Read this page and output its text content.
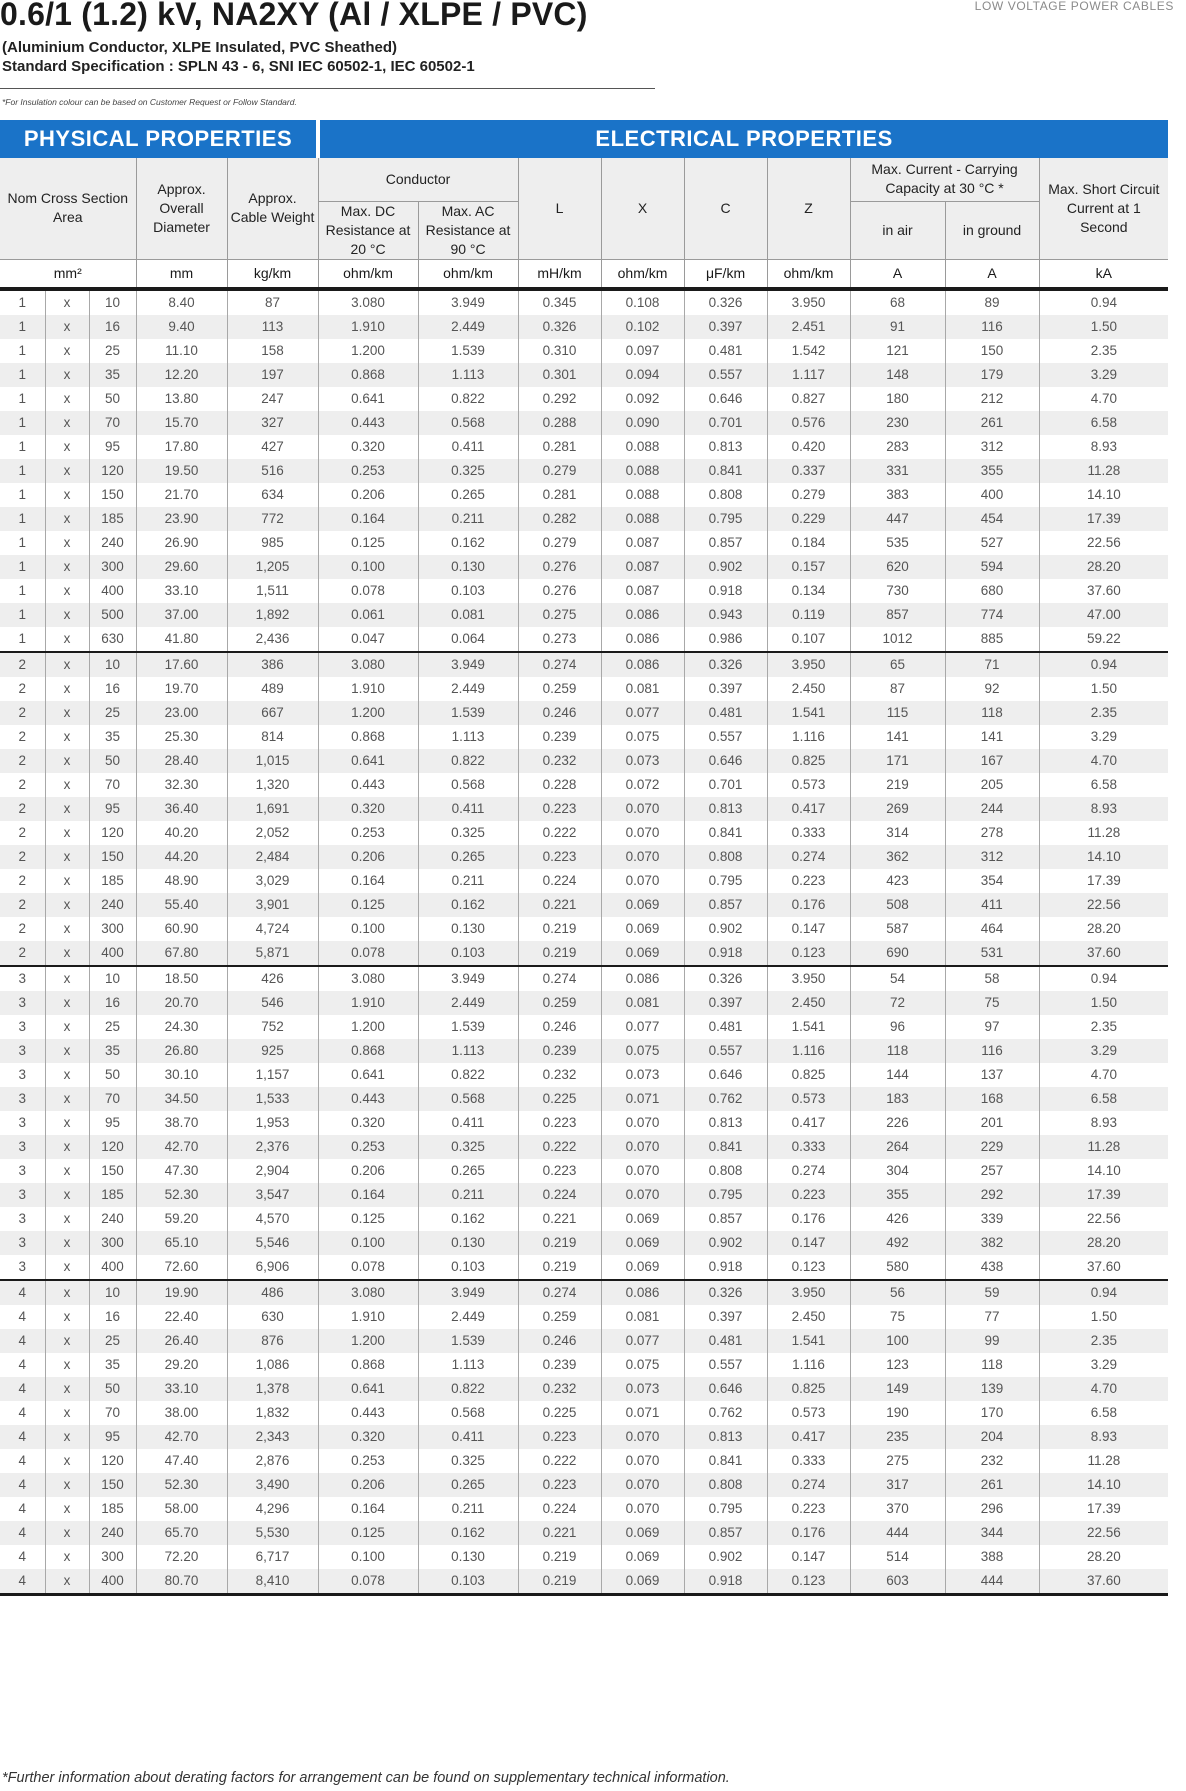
0.6/1 (1.2) kV, NA2XY (Al / XLPE / PVC)	LOW VOLTAGE POWER CABLES
(Aluminium Conductor, XLPE Insulated, PVC Sheathed)
Standard Specification : SPLN 43 - 6, SNI IEC 60502-1, IEC 60502-1
*For Insulation colour can be based on Customer Request or Follow Standard.
PHYSICAL PROPERTIES					ELECTRICAL PROPERTIES								
Nom Cross Section Area			Approx. Overall Diameter	Approx. Cable Weight	Conductor		L	X	C	Z	Max. Current - Carrying Capacity at 30 °C *		Max. Short Circuit Current at 1 Second
					Max. DC Resistance at 20 °C	Max. AC Resistance at 90 °C					in air	in ground	
mm²			mm	kg/km	ohm/km	ohm/km	mH/km	ohm/km	μF/km	ohm/km	A	A	kA
1	x	10	8.40	87	3.080	3.949	0.345	0.108	0.326	3.950	68	89	0.94
1	x	16	9.40	113	1.910	2.449	0.326	0.102	0.397	2.451	91	116	1.50
1	x	25	11.10	158	1.200	1.539	0.310	0.097	0.481	1.542	121	150	2.35
1	x	35	12.20	197	0.868	1.113	0.301	0.094	0.557	1.117	148	179	3.29
1	x	50	13.80	247	0.641	0.822	0.292	0.092	0.646	0.827	180	212	4.70
1	x	70	15.70	327	0.443	0.568	0.288	0.090	0.701	0.576	230	261	6.58
1	x	95	17.80	427	0.320	0.411	0.281	0.088	0.813	0.420	283	312	8.93
1	x	120	19.50	516	0.253	0.325	0.279	0.088	0.841	0.337	331	355	11.28
1	x	150	21.70	634	0.206	0.265	0.281	0.088	0.808	0.279	383	400	14.10
1	x	185	23.90	772	0.164	0.211	0.282	0.088	0.795	0.229	447	454	17.39
1	x	240	26.90	985	0.125	0.162	0.279	0.087	0.857	0.184	535	527	22.56
1	x	300	29.60	1,205	0.100	0.130	0.276	0.087	0.902	0.157	620	594	28.20
1	x	400	33.10	1,511	0.078	0.103	0.276	0.087	0.918	0.134	730	680	37.60
1	x	500	37.00	1,892	0.061	0.081	0.275	0.086	0.943	0.119	857	774	47.00
1	x	630	41.80	2,436	0.047	0.064	0.273	0.086	0.986	0.107	1012	885	59.22
2	x	10	17.60	386	3.080	3.949	0.274	0.086	0.326	3.950	65	71	0.94
2	x	16	19.70	489	1.910	2.449	0.259	0.081	0.397	2.450	87	92	1.50
2	x	25	23.00	667	1.200	1.539	0.246	0.077	0.481	1.541	115	118	2.35
2	x	35	25.30	814	0.868	1.113	0.239	0.075	0.557	1.116	141	141	3.29
2	x	50	28.40	1,015	0.641	0.822	0.232	0.073	0.646	0.825	171	167	4.70
2	x	70	32.30	1,320	0.443	0.568	0.228	0.072	0.701	0.573	219	205	6.58
2	x	95	36.40	1,691	0.320	0.411	0.223	0.070	0.813	0.417	269	244	8.93
2	x	120	40.20	2,052	0.253	0.325	0.222	0.070	0.841	0.333	314	278	11.28
2	x	150	44.20	2,484	0.206	0.265	0.223	0.070	0.808	0.274	362	312	14.10
2	x	185	48.90	3,029	0.164	0.211	0.224	0.070	0.795	0.223	423	354	17.39
2	x	240	55.40	3,901	0.125	0.162	0.221	0.069	0.857	0.176	508	411	22.56
2	x	300	60.90	4,724	0.100	0.130	0.219	0.069	0.902	0.147	587	464	28.20
2	x	400	67.80	5,871	0.078	0.103	0.219	0.069	0.918	0.123	690	531	37.60
3	x	10	18.50	426	3.080	3.949	0.274	0.086	0.326	3.950	54	58	0.94
3	x	16	20.70	546	1.910	2.449	0.259	0.081	0.397	2.450	72	75	1.50
3	x	25	24.30	752	1.200	1.539	0.246	0.077	0.481	1.541	96	97	2.35
3	x	35	26.80	925	0.868	1.113	0.239	0.075	0.557	1.116	118	116	3.29
3	x	50	30.10	1,157	0.641	0.822	0.232	0.073	0.646	0.825	144	137	4.70
3	x	70	34.50	1,533	0.443	0.568	0.225	0.071	0.762	0.573	183	168	6.58
3	x	95	38.70	1,953	0.320	0.411	0.223	0.070	0.813	0.417	226	201	8.93
3	x	120	42.70	2,376	0.253	0.325	0.222	0.070	0.841	0.333	264	229	11.28
3	x	150	47.30	2,904	0.206	0.265	0.223	0.070	0.808	0.274	304	257	14.10
3	x	185	52.30	3,547	0.164	0.211	0.224	0.070	0.795	0.223	355	292	17.39
3	x	240	59.20	4,570	0.125	0.162	0.221	0.069	0.857	0.176	426	339	22.56
3	x	300	65.10	5,546	0.100	0.130	0.219	0.069	0.902	0.147	492	382	28.20
3	x	400	72.60	6,906	0.078	0.103	0.219	0.069	0.918	0.123	580	438	37.60
4	x	10	19.90	486	3.080	3.949	0.274	0.086	0.326	3.950	56	59	0.94
4	x	16	22.40	630	1.910	2.449	0.259	0.081	0.397	2.450	75	77	1.50
4	x	25	26.40	876	1.200	1.539	0.246	0.077	0.481	1.541	100	99	2.35
4	x	35	29.20	1,086	0.868	1.113	0.239	0.075	0.557	1.116	123	118	3.29
4	x	50	33.10	1,378	0.641	0.822	0.232	0.073	0.646	0.825	149	139	4.70
4	x	70	38.00	1,832	0.443	0.568	0.225	0.071	0.762	0.573	190	170	6.58
4	x	95	42.70	2,343	0.320	0.411	0.223	0.070	0.813	0.417	235	204	8.93
4	x	120	47.40	2,876	0.253	0.325	0.222	0.070	0.841	0.333	275	232	11.28
4	x	150	52.30	3,490	0.206	0.265	0.223	0.070	0.808	0.274	317	261	14.10
4	x	185	58.00	4,296	0.164	0.211	0.224	0.070	0.795	0.223	370	296	17.39
4	x	240	65.70	5,530	0.125	0.162	0.221	0.069	0.857	0.176	444	344	22.56
4	x	300	72.20	6,717	0.100	0.130	0.219	0.069	0.902	0.147	514	388	28.20
4	x	400	80.70	8,410	0.078	0.103	0.219	0.069	0.918	0.123	603	444	37.60
*Further information about derating factors for arrangement can be found on supplementary technical information.
